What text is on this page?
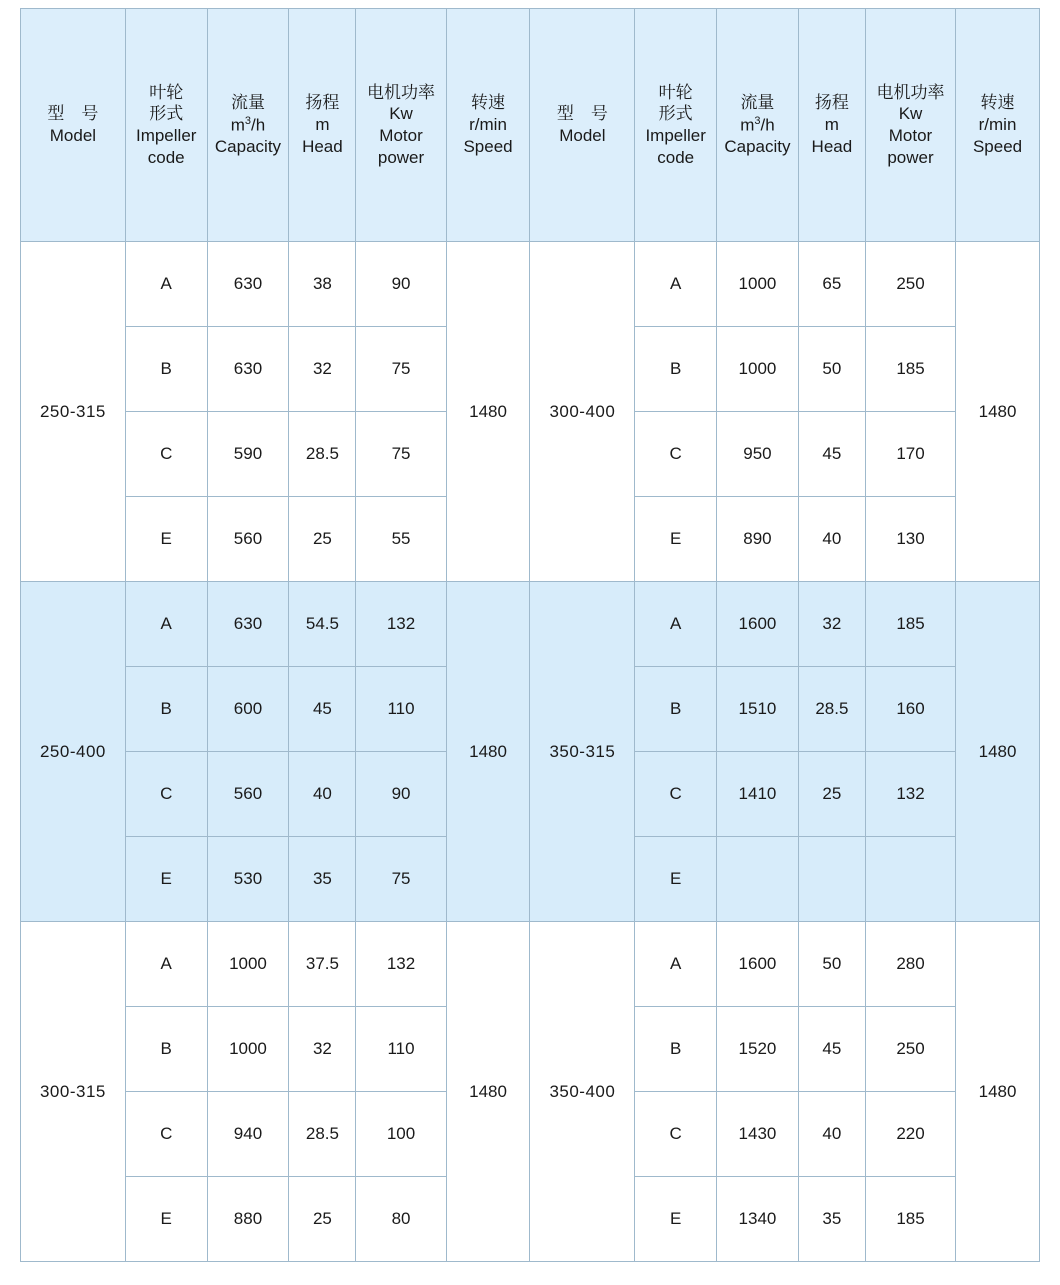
型　号
Model	叶轮
形式
Impeller
code	流量
$m^3/h$
Capacity	扬程
m
Head	电机功率
Kw
Motor
power	转速
r/min
Speed	型　号
Model	叶轮
形式
Impeller
code	流量
$m^3/h$
Capacity	扬程
m
Head	电机功率
Kw
Motor
power	转速
r/min
Speed

250-315	A	630	38	90	1480	300-400	A	1000	65	250	1480
	B	630	32	75			B	1000	50	185	
	C	590	28.5	75			C	950	45	170	
	E	560	25	55			E	890	40	130	
250-400	A	630	54.5	132	1480	350-315	A	1600	32	185	1480
	B	600	45	110			B	1510	28.5	160	
	C	560	40	90			C	1410	25	132	
	E	530	35	75			E				
300-315	A	1000	37.5	132	1480	350-400	A	1600	50	280	1480
	B	1000	32	110			B	1520	45	250	
	C	940	28.5	100			C	1430	40	220	
	E	880	25	80			E	1340	35	185	
